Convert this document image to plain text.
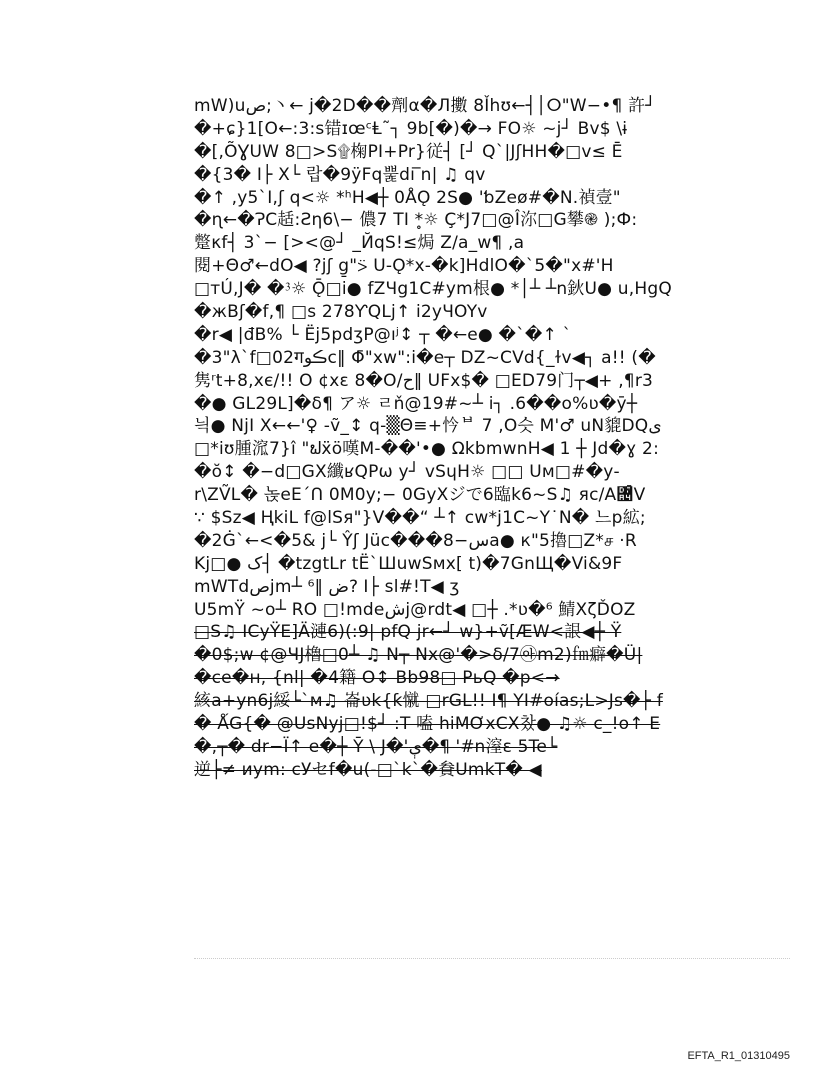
mW)uص;⼂← j�2D��劑α�Л擻 8Ǐhʊ←┤│ⵔ"W−•¶ 許┘
�+ɕ}1[O←:3:s错ɪœᶜⱠ˜┐ 9b[�)�→ FO☼ ~j┘ Bv$ \ɨ
�[,ÕƔUW 8□>S۩椈PI+Pr}従┤ [┘ Q`|JʃHH�□v≤ Ē
�{3� ⵏ├ X└ 랍�9ÿFq뿙dı ̅n| ♫ qv
�↑ ,y5`I,ʃ q<☼ *ʰH◀┼ 0ÅǪ 2S● 'ƅZeø#�N.禎壹"
�ɳ←�ɁC趏:Ƨη6\− 儂7 TI *̥☼ Ç*J7□@Î沵□G攀֎ );Ф:
蹩κf┤ 3`− [><@┘ _ЙqS!≤焗 Z/a_w¶ ,a
閱+Θ♂←dO◀ ?jʃ g̱"⍩ U-Ǫ*x-�k]HdlO�`5�"x#'H
□тÚ,J� �⁳☼ Ǭ□i● fZЧg1C#ym根● *│┴ ┴n鈥U● u,HgQ
�жBʃ�f,¶ □s 278ƳQLj↑ i2yЧOYv
�r◀ |đB% └ Ëj5pdʒP@ıʲ↕ ┬ �←e● �`�↑ `
�3"λ`f□02गڪوc‖ Φ̄"xw":i�e┬ DZ~CVd{_ɫv◀┐ a!! (�
隽ʳt+8,xє/!! O ¢хε 8�O/ح‖ UFx$� □ED79门┬◀+ ,¶r3
�● GL29L]�δ¶ ア☼ ㄹň@19#~┴ i┐ .6��o%ʋ�ȳ┼
늭● NjI X←←'♀ -ṽ_↕ q-▒Θ≡+忴ᄇ 7 ,O슷 M'♂ uN貔DQی
□*iʊ腫溛7}î "ຟẍö嘆M-��'•● ΩkbmwnH◀ 1 ┼ Jd�ɣ 2:
�ŏ↕ �−d□GX纖ʁQPω y┘ vSɥH☼ □□ Uм□#�у-
r\ZṼL� 녽eE´Ո 0M0y;− 0GyXジで6臨k6~S♫ яc/A힤ͣV
∵ $Sz◀ ҢkiL f@lSя"}V��“ ┴↑ cw*j1C~Y˙N� 느p絋;
�2Ġ`←<�5& j└ Ŷʃ Jüc���8−سa● к"5擼□Z*ச ·R
Kj□● ک┤ �tzgtLr tË`ШuwSмх[ t)�7GnЩ�Vi&9F
mWTdصjm┴ ض ‖⁶? I├ sl#!T◀ ʒ
U5mŸ ~o┴ RO □!mdeشj@rdt◀ □┼ .*ʋ�⁶ 鯖XζĎOZ
□S♫ ICyŸE]Ä漣6)(:9| pfQ jr←┘ w}+ṽ[ÆW<詪◀┼ Ÿ
�0$;w ¢@ЧJ櫓□0┴ ♫ N┬ Nx@'�>δ/7㉵m2)㎙癖�Ü|
�ce�н, {nl| �4籍 O↕ Bb98□ PьQ �p<→
絯a+yn6j綏└`м♫ 崙ʋk{ƙ憱 □rGL!! ⵏ¶ YI#oías;L>Js�├ f
� ǺG{� @UsNyj□!$┘ :T 嗑 hiMƠxCX찼● ♫☼ c_!o↑ E
�,┬� dr−Ï↑ e�┼ Ȳ \ J�'ې�¶ '#n潌ɛ 5Te└
逆├≠ иym: cУセf�u(-□`k`�貵UmkT� ◀
EFTA_R1_01310495
